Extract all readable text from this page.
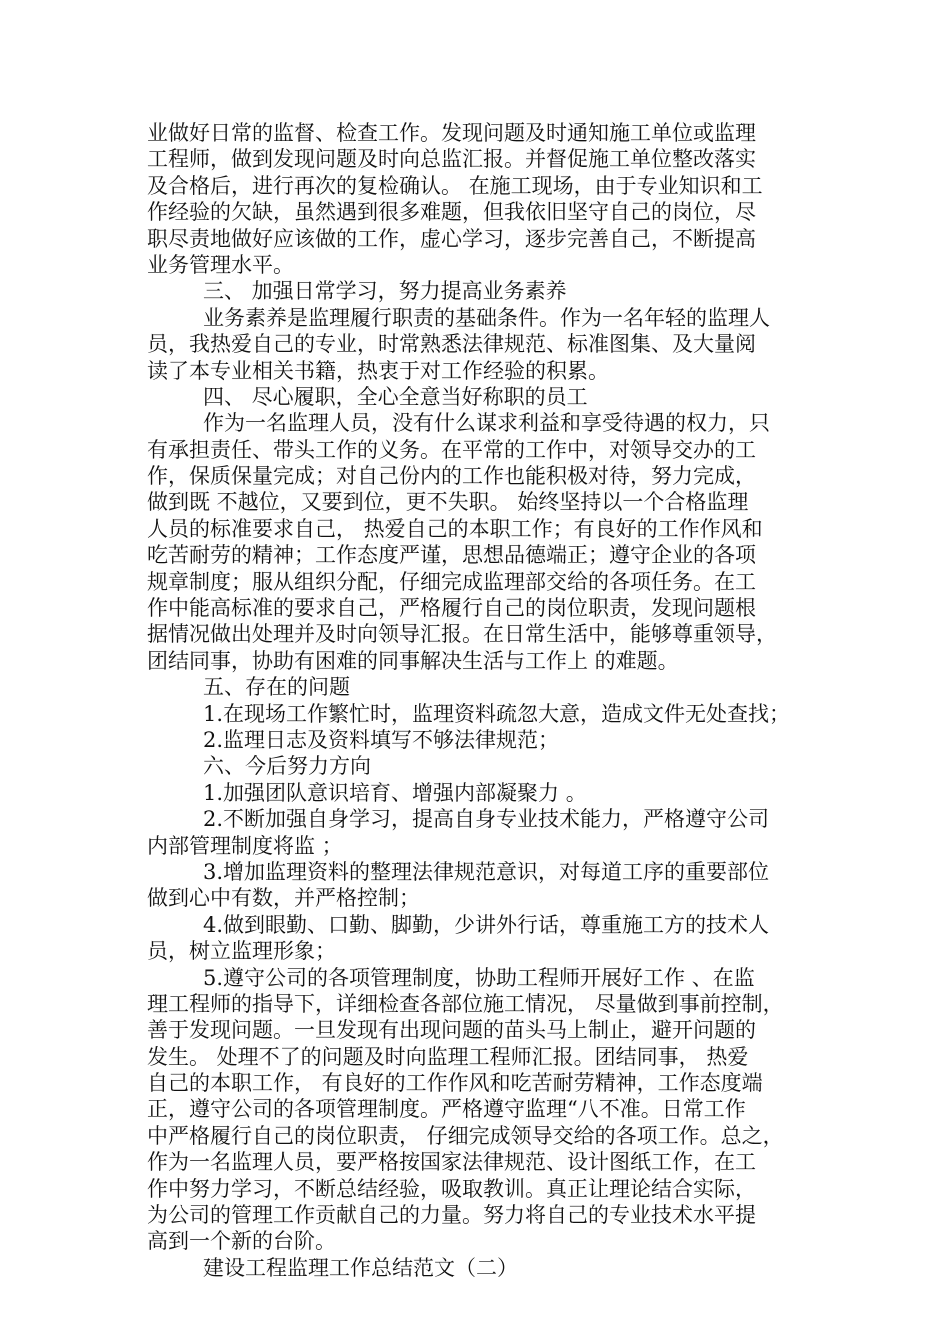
业做好日常的监督、检查工作。发现问题及时通知施工单位或监理
工程师，做到发现问题及时向总监汇报。并督促施工单位整改落实
及合格后，进行再次的复检确认。 在施工现场，由于专业知识和工
作经验的欠缺，虽然遇到很多难题，但我依旧坚守自己的岗位，尽
职尽责地做好应该做的工作，虚心学习，逐步完善自己，不断提高
业务管理水平。
三、 加强日常学习，努力提高业务素养
业务素养是监理履行职责的基础条件。作为一名年轻的监理人
员，我热爱自己的专业，时常熟悉法律规范、标准图集、及大量阅
读了本专业相关书籍，热衷于对工作经验的积累。
四、 尽心履职，全心全意当好称职的员工
作为一名监理人员，没有什么谋求利益和享受待遇的权力，只
有承担责任、带头工作的义务。在平常的工作中，对领导交办的工
作，保质保量完成；对自己份内的工作也能积极对待，努力完成，
做到既 不越位，又要到位，更不失职。 始终坚持以一个合格监理
人员的标准要求自己， 热爱自己的本职工作；有良好的工作作风和
吃苦耐劳的精神；工作态度严谨，思想品德端正；遵守企业的各项
规章制度；服从组织分配，仔细完成监理部交给的各项任务。在工
作中能高标准的要求自己，严格履行自己的岗位职责，发现问题根
据情况做出处理并及时向领导汇报。在日常生活中，能够尊重领导，
团结同事，协助有困难的同事解决生活与工作上 的难题。
五、存在的问题
1.在现场工作繁忙时，监理资料疏忽大意，造成文件无处查找；
2.监理日志及资料填写不够法律规范；
六、今后努力方向
1.加强团队意识培育、增强内部凝聚力 。
2.不断加强自身学习，提高自身专业技术能力，严格遵守公司
内部管理制度将监 ；
3.增加监理资料的整理法律规范意识，对每道工序的重要部位
做到心中有数，并严格控制；
4.做到眼勤、口勤、脚勤，少讲外行话，尊重施工方的技术人
员，树立监理形象；
5.遵守公司的各项管理制度，协助工程师开展好工作 、在监
理工程师的指导下，详细检查各部位施工情况， 尽量做到事前控制，
善于发现问题。一旦发现有出现问题的苗头马上制止，避开问题的
发生。 处理不了的问题及时向监理工程师汇报。团结同事， 热爱
自己的本职工作， 有良好的工作作风和吃苦耐劳精神，工作态度端
正，遵守公司的各项管理制度。严格遵守监理“八不准。日常工作
中严格履行自己的岗位职责， 仔细完成领导交给的各项工作。总之，
作为一名监理人员，要严格按国家法律规范、设计图纸工作，在工
作中努力学习，不断总结经验，吸取教训。真正让理论结合实际，
为公司的管理工作贡献自己的力量。努力将自己的专业技术水平提
高到一个新的台阶。
建设工程监理工作总结范文（二）
